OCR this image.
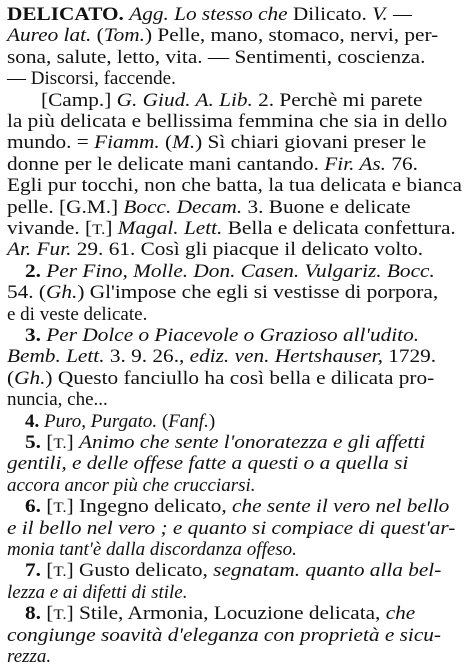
DELICATO. Agg. Lo stesso che Dilicato. V. —
Aureo lat. (Tom.) Pelle, mano, stomaco, nervi, per-
sona, salute, letto, vita. — Sentimenti, coscienza.
— Discorsi, faccende.
[Camp.] G. Giud. A. Lib. 2. Perchè mi parete
la più delicata e bellissima femmina che sia in dello
mundo. = Fiamm. (M.) Sì chiari giovani preser le
donne per le delicate mani cantando. Fir. As. 76.
Egli pur tocchi, non che batta, la tua delicata e bianca
pelle. [G.M.] Bocc. Decam. 3. Buone e delicate
vivande. [T.] Magal. Lett. Bella e delicata confettura.
Ar. Fur. 29. 61. Così gli piacque il delicato volto.
2. Per Fino, Molle. Don. Casen. Vulgariz. Bocc.
54. (Gh.) Gl'impose che egli si vestisse di porpora,
e di veste delicate.
3. Per Dolce o Piacevole o Grazioso all'udito.
Bemb. Lett. 3. 9. 26., ediz. ven. Hertshauser, 1729.
(Gh.) Questo fanciullo ha così bella e dilicata pro-
nuncia, che...
4. Puro, Purgato. (Fanf.)
5. [T.] Animo che sente l'onoratezza e gli affetti
gentili, e delle offese fatte a questi o a quella si
accora ancor più che crucciarsi.
6. [T.] Ingegno delicato, che sente il vero nel bello
e il bello nel vero ; e quanto si compiace di quest'ar-
monia tant'è dalla discordanza offeso.
7. [T.] Gusto delicato, segnatam. quanto alla bel-
lezza e ai difetti di stile.
8. [T.] Stile, Armonia, Locuzione delicata, che
congiunge soavità d'eleganza con proprietà e sicu-
rezza.
